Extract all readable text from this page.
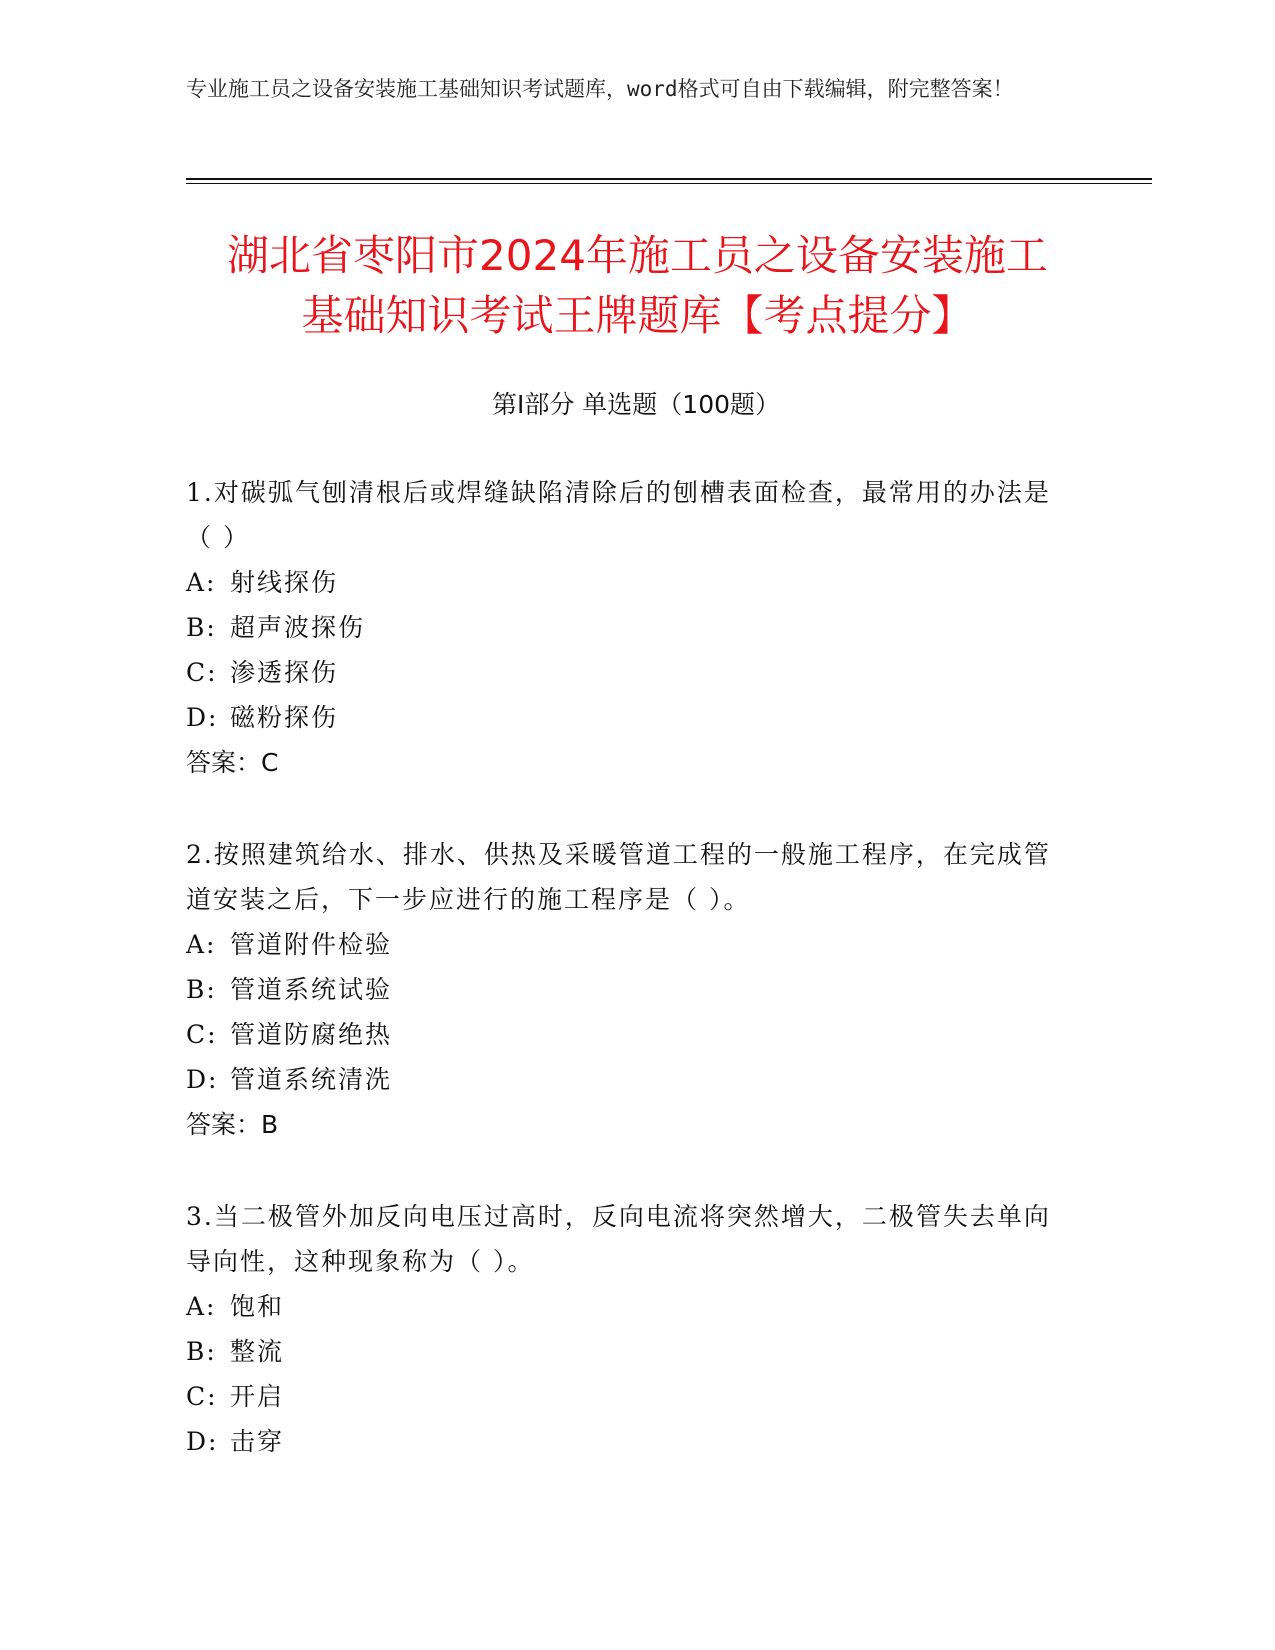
专业施工员之设备安装施工基础知识考试题库，word格式可自由下载编辑，附完整答案！
湖北省枣阳市2024年施工员之设备安装施工
基础知识考试王牌题库【考点提分】
第I部分 单选题（100题）
1.对碳弧气刨清根后或焊缝缺陷清除后的刨槽表面检查，最常用的办法是（ ）
A: 射线探伤
B: 超声波探伤
C: 渗透探伤
D: 磁粉探伤
答案：C
2.按照建筑给水、排水、供热及采暖管道工程的一般施工程序，在完成管道安装之后，下一步应进行的施工程序是（ ）。
A: 管道附件检验
B: 管道系统试验
C: 管道防腐绝热
D: 管道系统清洗
答案：B
3.当二极管外加反向电压过高时，反向电流将突然增大，二极管失去单向导向性，这种现象称为（ ）。
A: 饱和
B: 整流
C: 开启
D: 击穿
